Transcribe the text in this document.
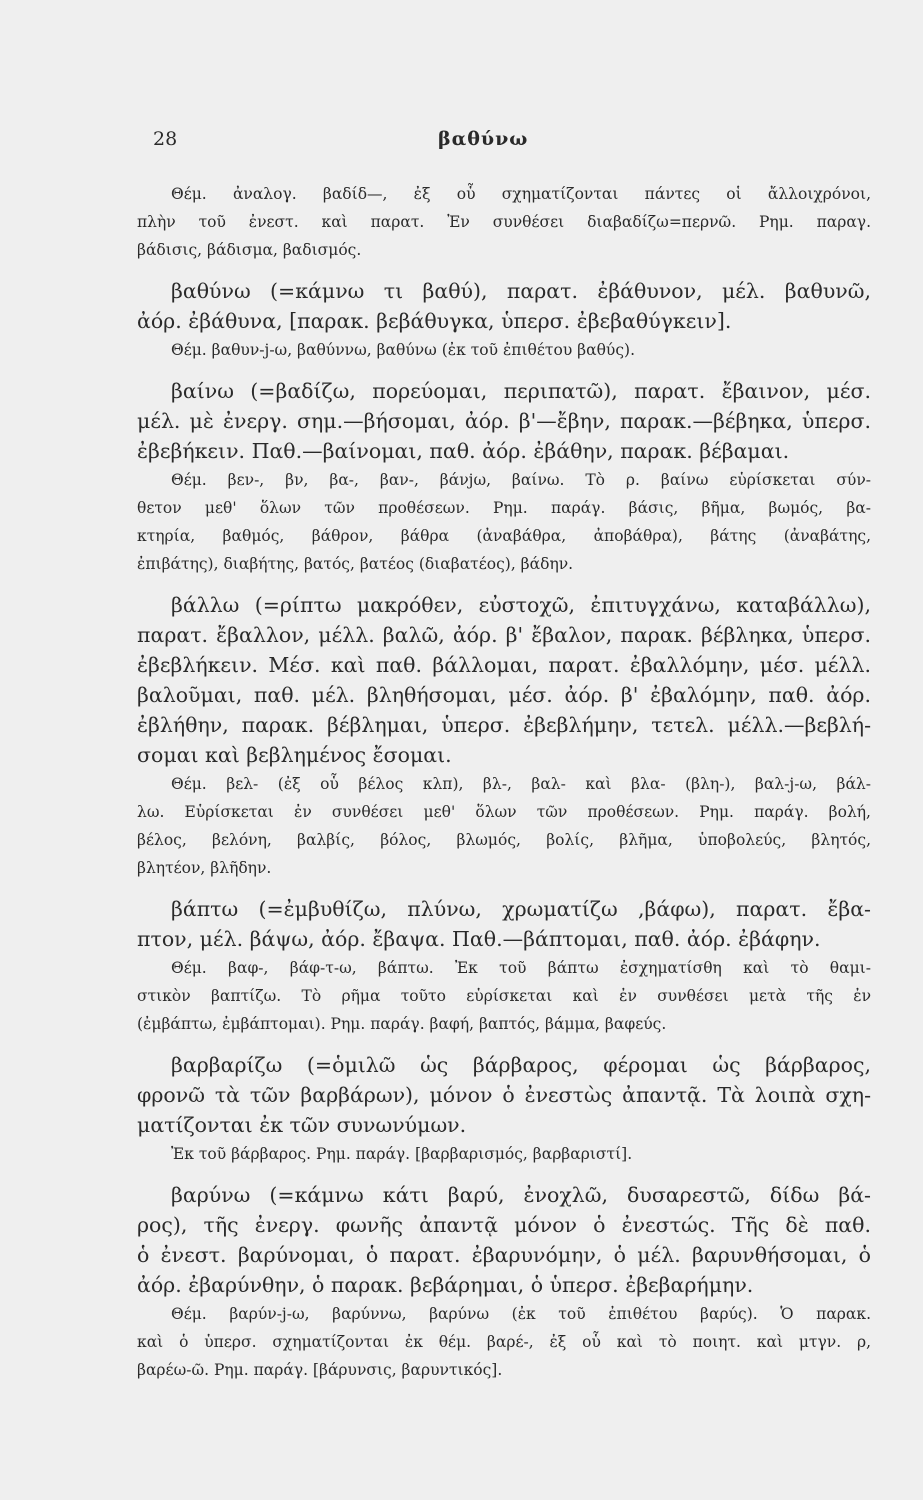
28	βαθύνω
Θέμ. ἀναλογ. βαδίδ—, ἐξ οὗ σχηματίζονται πάντες οἱ ἄλλοιχρόνοι,
πλὴν τοῦ ἐνεστ. καὶ παρατ. Ἐν συνθέσει διαβαδίζω=περνῶ. Ρημ. παραγ.
βάδισις, βάδισμα, βαδισμός.
βαθύνω (=κάμνω τι βαθύ), παρατ. ἐβάθυνον, μέλ. βαθυνῶ,
ἀόρ. ἐβάθυνα, [παρακ. βεβάθυγκα, ὑπερσ. ἐβεβαθύγκειν].
Θέμ. βαθυν-j-ω, βαθύννω, βαθύνω (ἐκ τοῦ ἐπιθέτου βαθύς).
βαίνω (=βαδίζω, πορεύομαι, περιπατῶ), παρατ. ἔβαινον, μέσ.
μέλ. μὲ ἐνεργ. σημ.—βήσομαι, ἀόρ. β'—ἔβην, παρακ.—βέβηκα, ὑπερσ.
ἐβεβήκειν. Παθ.—βαίνομαι, παθ. ἀόρ. ἐβάθην, παρακ. βέβαμαι.
Θέμ. βεν-, βν, βα-, βαν-, βάνjω, βαίνω. Τὸ ρ. βαίνω εὑρίσκεται σύν-
θετον μεθ' ὅλων τῶν προθέσεων. Ρημ. παράγ. βάσις, βῆμα, βωμός, βα-
κτηρία, βαθμός, βάθρον, βάθρα (ἀναβάθρα, ἀποβάθρα), βάτης (ἀναβάτης,
ἐπιβάτης), διαβήτης, βατός, βατέος (διαβατέος), βάδην.
βάλλω (=ρίπτω μακρόθεν, εὐστοχῶ, ἐπιτυγχάνω, καταβάλλω),
παρατ. ἔβαλλον, μέλλ. βαλῶ, ἀόρ. β' ἔβαλον, παρακ. βέβληκα, ὑπερσ.
ἐβεβλήκειν. Μέσ. καὶ παθ. βάλλομαι, παρατ. ἐβαλλόμην, μέσ. μέλλ.
βαλοῦμαι, παθ. μέλ. βληθήσομαι, μέσ. ἀόρ. β' ἐβαλόμην, παθ. ἀόρ.
ἐβλήθην, παρακ. βέβλημαι, ὑπερσ. ἐβεβλήμην, τετελ. μέλλ.—βεβλή-
σομαι καὶ βεβλημένος ἔσομαι.
Θέμ. βελ- (ἐξ οὗ βέλος κλπ), βλ-, βαλ- καὶ βλα- (βλη-), βαλ-j-ω, βάλ-
λω. Εὑρίσκεται ἐν συνθέσει μεθ' ὅλων τῶν προθέσεων. Ρημ. παράγ. βολή,
βέλος, βελόνη, βαλβίς, βόλος, βλωμός, βολίς, βλῆμα, ὑποβολεύς, βλητός,
βλητέον, βλῆδην.
βάπτω (=ἐμβυθίζω, πλύνω, χρωματίζω ,βάφω), παρατ. ἔβα-
πτον, μέλ. βάψω, ἀόρ. ἔβαψα. Παθ.—βάπτομαι, παθ. ἀόρ. ἐβάφην.
Θέμ. βαφ-, βάφ-τ-ω, βάπτω. Ἐκ τοῦ βάπτω ἐσχηματίσθη καὶ τὸ θαμι-
στικὸν βαπτίζω. Τὸ ρῆμα τοῦτο εὑρίσκεται καὶ ἐν συνθέσει μετὰ τῆς ἐν
(ἐμβάπτω, ἐμβάπτομαι). Ρημ. παράγ. βαφή, βαπτός, βάμμα, βαφεύς.
βαρβαρίζω (=ὁμιλῶ ὡς βάρβαρος, φέρομαι ὡς βάρβαρος,
φρονῶ τὰ τῶν βαρβάρων), μόνον ὁ ἐνεστὼς ἀπαντᾷ. Τὰ λοιπὰ σχη-
ματίζονται ἐκ τῶν συνωνύμων.
Ἐκ τοῦ βάρβαρος. Ρημ. παράγ. [βαρβαρισμός, βαρβαριστί].
βαρύνω (=κάμνω κάτι βαρύ, ἐνοχλῶ, δυσαρεστῶ, δίδω βά-
ρος), τῆς ἐνεργ. φωνῆς ἀπαντᾷ μόνον ὁ ἐνεστώς. Τῆς δὲ παθ.
ὁ ἐνεστ. βαρύνομαι, ὁ παρατ. ἐβαρυνόμην, ὁ μέλ. βαρυνθήσομαι, ὁ
ἀόρ. ἐβαρύνθην, ὁ παρακ. βεβάρημαι, ὁ ὑπερσ. ἐβεβαρήμην.
Θέμ. βαρύν-j-ω, βαρύννω, βαρύνω (ἐκ τοῦ ἐπιθέτου βαρύς). Ὁ παρακ.
καὶ ὁ ὑπερσ. σχηματίζονται ἐκ θέμ. βαρέ-, ἐξ οὗ καὶ τὸ ποιητ. καὶ μτγν. ρ,
βαρέω-ῶ. Ρημ. παράγ. [βάρυνσις, βαρυντικός].
